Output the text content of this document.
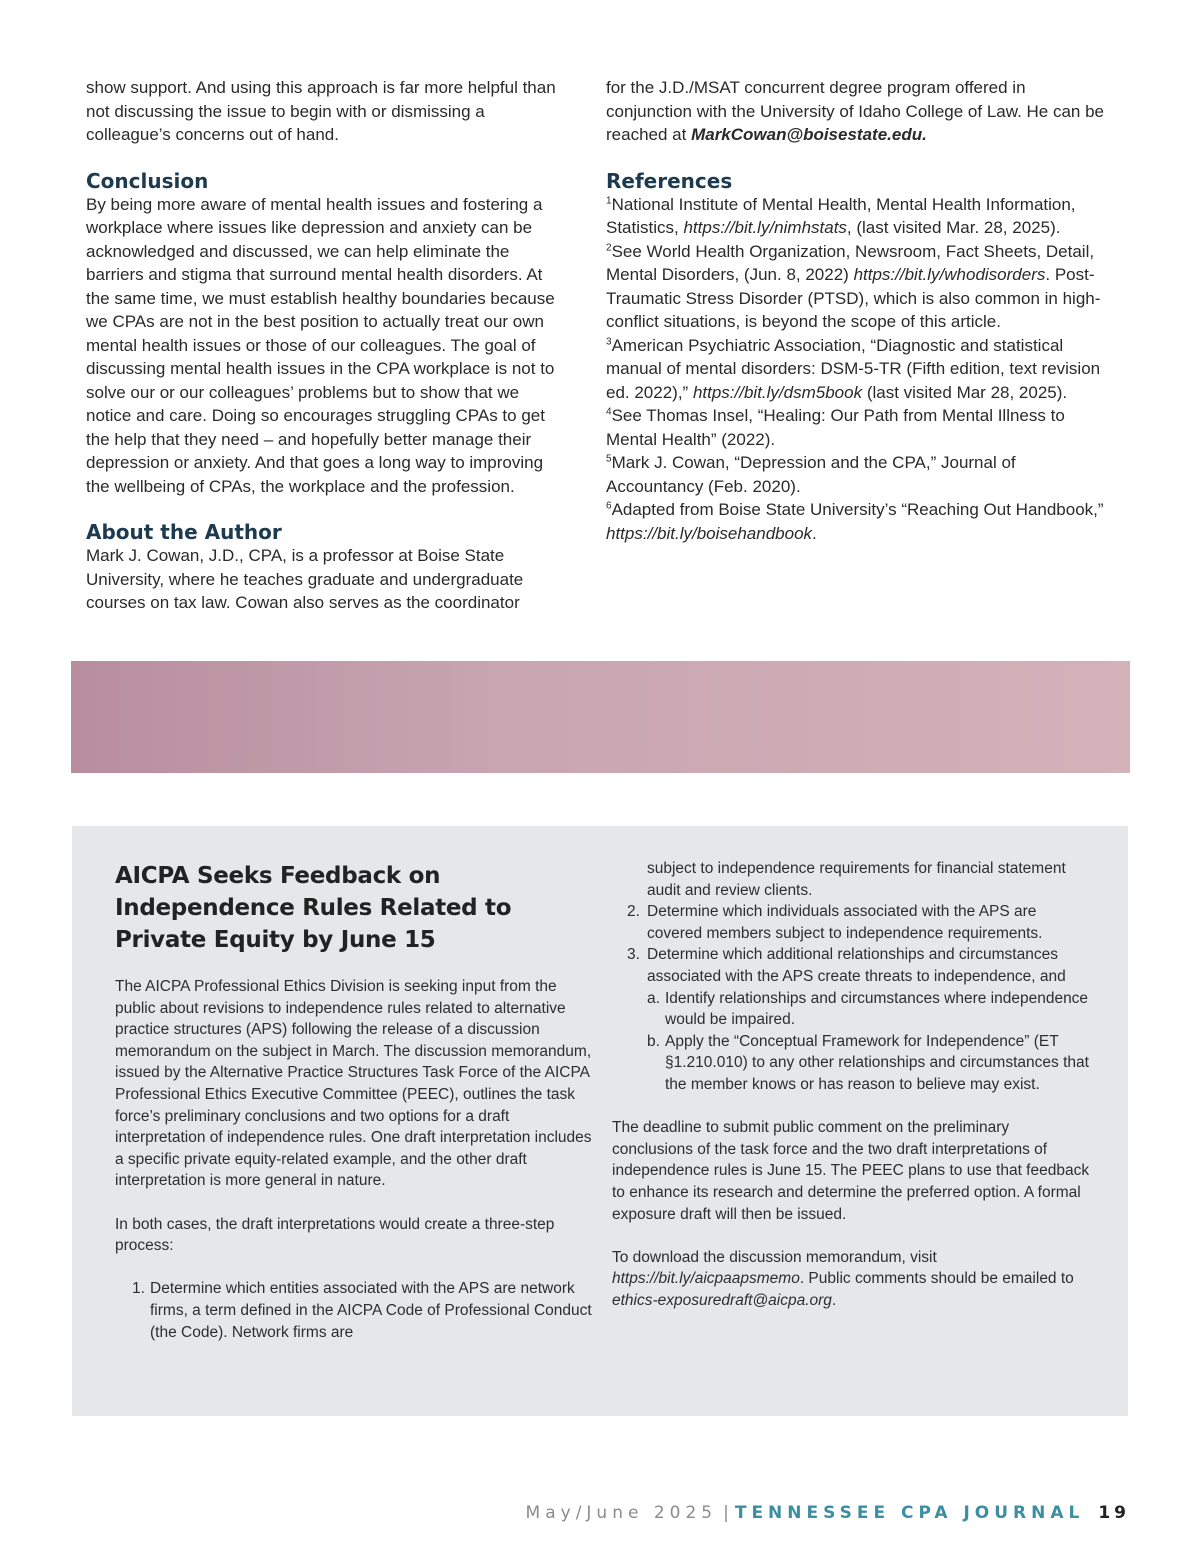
show support. And using this approach is far more helpful than not discussing the issue to begin with or dismissing a colleague’s concerns out of hand.

Conclusion

By being more aware of mental health issues and fostering a workplace where issues like depression and anxiety can be acknowledged and discussed, we can help eliminate the barriers and stigma that surround mental health disorders. At the same time, we must establish healthy boundaries because we CPAs are not in the best position to actually treat our own mental health issues or those of our colleagues. The goal of discussing mental health issues in the CPA workplace is not to solve our or our colleagues’ problems but to show that we notice and care. Doing so encourages struggling CPAs to get the help that they need – and hopefully better manage their depression or anxiety. And that goes a long way to improving the wellbeing of CPAs, the workplace and the profession.

About the Author

Mark J. Cowan, J.D., CPA, is a professor at Boise State University, where he teaches graduate and undergraduate courses on tax law. Cowan also serves as the coordinator

for the J.D./MSAT concurrent degree program offered in conjunction with the University of Idaho College of Law. He can be reached at MarkCowan@boisestate.edu.

References

$^1$National Institute of Mental Health, Mental Health Information, Statistics, https://bit.ly/nimhstats, (last visited Mar. 28, 2025).

$^2$See World Health Organization, Newsroom, Fact Sheets, Detail, Mental Disorders, (Jun. 8, 2022) https://bit.ly/whodisorders. Post-Traumatic Stress Disorder (PTSD), which is also common in high-conflict situations, is beyond the scope of this article.

$^3$American Psychiatric Association, “Diagnostic and statistical manual of mental disorders: DSM-5-TR (Fifth edition, text revision ed. 2022),” https://bit.ly/dsm5book (last visited Mar 28, 2025).

$^4$See Thomas Insel, “Healing: Our Path from Mental Illness to Mental Health” (2022).

$^5$Mark J. Cowan, “Depression and the CPA,” Journal of Accountancy (Feb. 2020).

$^6$Adapted from Boise State University’s “Reaching Out Handbook,” https://bit.ly/boisehandbook.

AICPA Seeks Feedback on Independence Rules Related to Private Equity by June 15

The AICPA Professional Ethics Division is seeking input from the public about revisions to independence rules related to alternative practice structures (APS) following the release of a discussion memorandum on the subject in March. The discussion memorandum, issued by the Alternative Practice Structures Task Force of the AICPA Professional Ethics Executive Committee (PEEC), outlines the task force’s preliminary conclusions and two options for a draft interpretation of independence rules. One draft interpretation includes a specific private equity-related example, and the other draft interpretation is more general in nature.

In both cases, the draft interpretations would create a three-step process:

1. Determine which entities associated with the APS are network firms, a term defined in the AICPA Code of Professional Conduct (the Code). Network firms are

subject to independence requirements for financial statement audit and review clients.

2. Determine which individuals associated with the APS are covered members subject to independence requirements.
3. Determine which additional relationships and circumstances associated with the APS create threats to independence, and
a. Identify relationships and circumstances where independence would be impaired.
b. Apply the “Conceptual Framework for Independence” (ET §1.210.010) to any other relationships and circumstances that the member knows or has reason to believe may exist.

The deadline to submit public comment on the preliminary conclusions of the task force and the two draft interpretations of independence rules is June 15. The PEEC plans to use that feedback to enhance its research and determine the preferred option. A formal exposure draft will then be issued.

To download the discussion memorandum, visit https://bit.ly/aicpaapsmemo. Public comments should be emailed to ethics-exposuredraft@aicpa.org.

May/June 2025 | TENNESSEE CPA JOURNAL 19
